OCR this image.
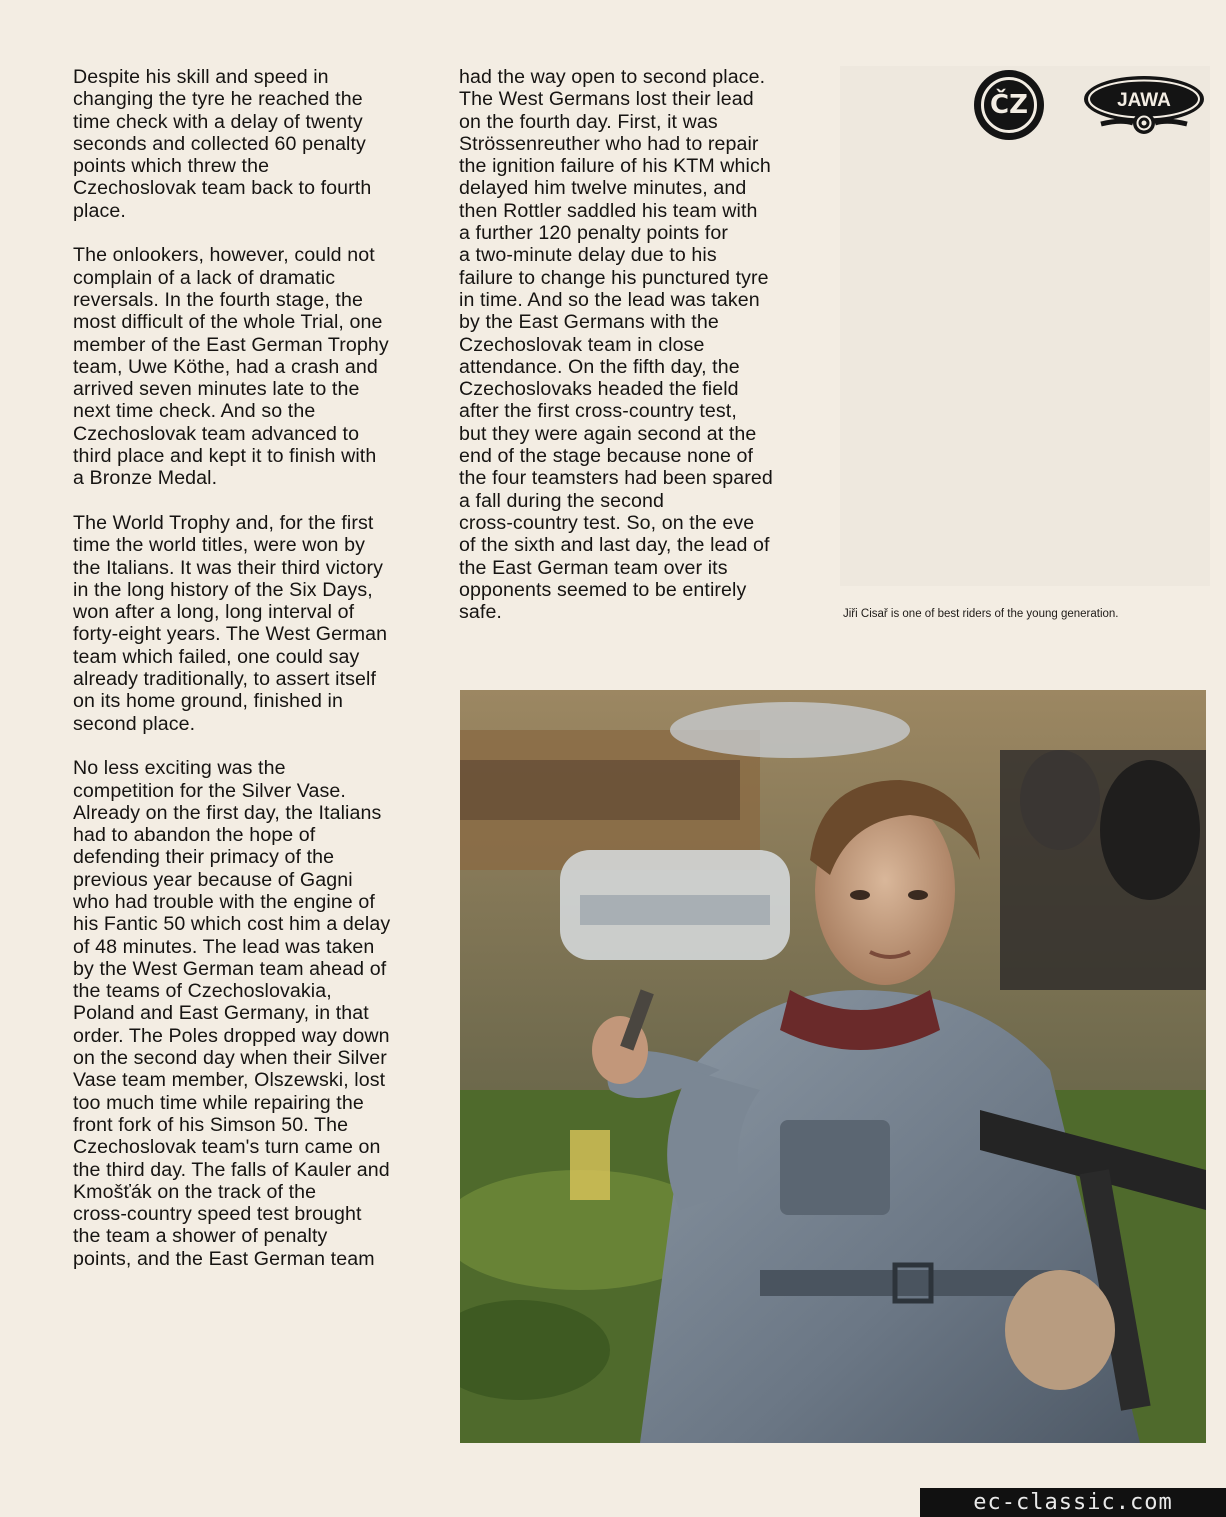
Despite his skill and speed in
changing the tyre he reached the
time check with a delay of twenty
seconds and collected 60 penalty
points which threw the
Czechoslovak team back to fourth
place.

The onlookers, however, could not
complain of a lack of dramatic
reversals. In the fourth stage, the
most difficult of the whole Trial, one
member of the East German Trophy
team, Uwe Köthe, had a crash and
arrived seven minutes late to the
next time check. And so the
Czechoslovak team advanced to
third place and kept it to finish with
a Bronze Medal.

The World Trophy and, for the first
time the world titles, were won by
the Italians. It was their third victory
in the long history of the Six Days,
won after a long, long interval of
forty-eight years. The West German
team which failed, one could say
already traditionally, to assert itself
on its home ground, finished in
second place.

No less exciting was the
competition for the Silver Vase.
Already on the first day, the Italians
had to abandon the hope of
defending their primacy of the
previous year because of Gagni
who had trouble with the engine of
his Fantic 50 which cost him a delay
of 48 minutes. The lead was taken
by the West German team ahead of
the teams of Czechoslovakia,
Poland and East Germany, in that
order. The Poles dropped way down
on the second day when their Silver
Vase team member, Olszewski, lost
too much time while repairing the
front fork of his Simson 50. The
Czechoslovak team's turn came on
the third day. The falls of Kauler and
Kmošťák on the track of the
cross-country speed test brought
the team a shower of penalty
points, and the East German team

had the way open to second place.
The West Germans lost their lead
on the fourth day. First, it was
Strössenreuther who had to repair
the ignition failure of his KTM which
delayed him twelve minutes, and
then Rottler saddled his team with
a further 120 penalty points for
a two-minute delay due to his
failure to change his punctured tyre
in time. And so the lead was taken
by the East Germans with the
Czechoslovak team in close
attendance. On the fifth day, the
Czechoslovaks headed the field
after the first cross-country test,
but they were again second at the
end of the stage because none of
the four teamsters had been spared
a fall during the second
cross-country test. So, on the eve
of the sixth and last day, the lead of
the East German team over its
opponents seemed to be entirely
safe.

ČZ	JAWA
Jiři Cisař is one of best riders of the young generation.
ec-classic.com
